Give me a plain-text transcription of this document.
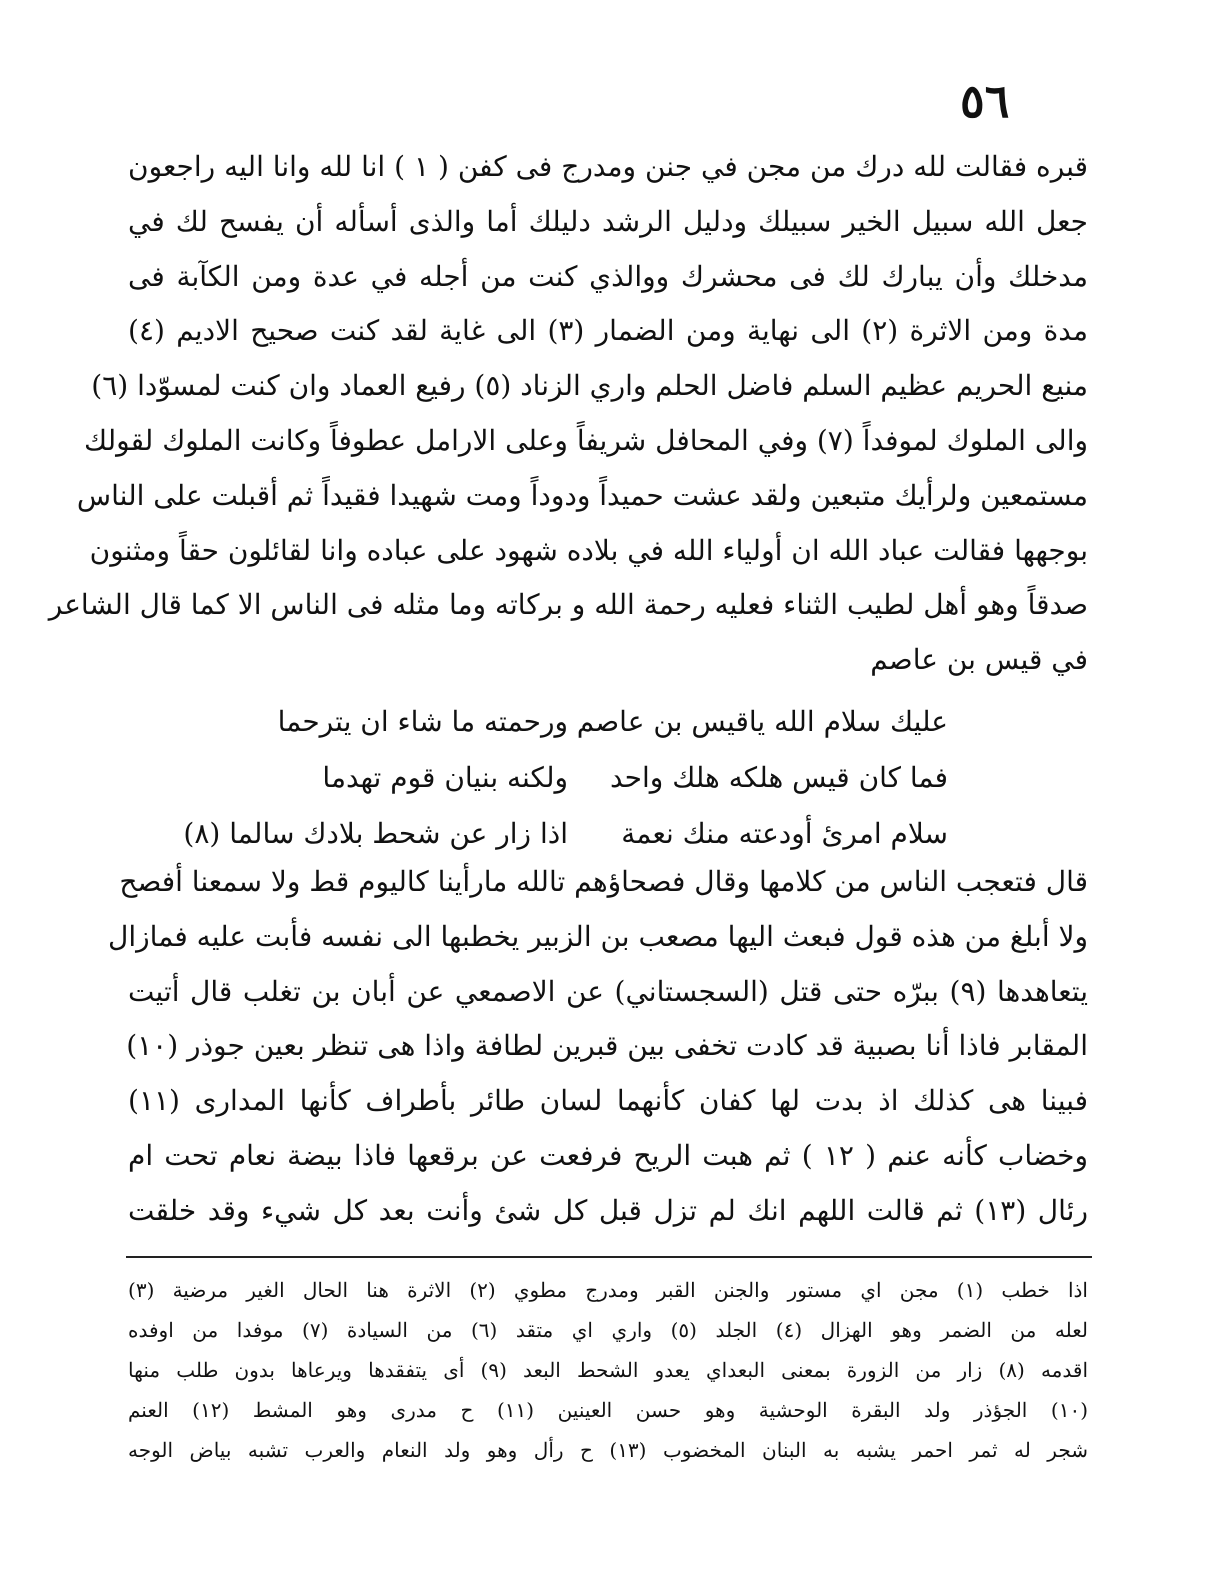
٥٦
قبره فقالت لله درك من مجن في جنن ومدرج فى كفن ( ١ ) انا لله وانا اليه راجعون
جعل الله سبيل الخير سبيلك ودليل الرشد دليلك أما والذى أسأله أن يفسح لك في
مدخلك وأن يبارك لك فى محشرك ووالذي كنت من أجله في عدة ومن الكآبة فى
مدة ومن الاثرة (٢) الى نهاية ومن الضمار (٣) الى غاية لقد كنت صحيح الاديم (٤)
منيع الحريم عظيم السلم فاضل الحلم واري الزناد (٥) رفيع العماد وان كنت لمسوّدا (٦)
والى الملوك لموفداً (٧) وفي المحافل شريفاً وعلى الارامل عطوفاً وكانت الملوك لقولك
مستمعين ولرأيك متبعين ولقد عشت حميداً ودوداً ومت شهيدا فقيداً ثم أقبلت على الناس
بوجهها فقالت عباد الله ان أولياء الله في بلاده شهود على عباده وانا لقائلون حقاً ومثنون
صدقاً وهو أهل لطيب الثناء فعليه رحمة الله و بركاته وما مثله فى الناس الا كما قال الشاعر
في قيس بن عاصم
عليك سلام الله ياقيس بن عاصم
ورحمته ما شاء ان يترحما
فما كان قيس هلكه هلك واحد
ولكنه بنيان قوم تهدما
سلام امرئ أودعته منك نعمة
اذا زار عن شحط بلادك سالما (٨)
قال فتعجب الناس من كلامها وقال فصحاؤهم تالله مارأينا كاليوم قط ولا سمعنا أفصح
ولا أبلغ من هذه قول فبعث اليها مصعب بن الزبير يخطبها الى نفسه فأبت عليه فمازال
يتعاهدها (٩) ببرّه حتى قتل (السجستاني) عن الاصمعي عن أبان بن تغلب قال أتيت
المقابر فاذا أنا بصبية قد كادت تخفى بين قبرين لطافة واذا هى تنظر بعين جوذر (١٠)
فبينا هى كذلك اذ بدت لها كفان كأنهما لسان طائر بأطراف كأنها المدارى (١١)
وخضاب كأنه عنم ( ١٢ ) ثم هبت الريح فرفعت عن برقعها فاذا بيضة نعام تحت ام
رئال (١٣) ثم قالت اللهم انك لم تزل قبل كل شئ وأنت بعد كل شيء وقد خلقت
اذا خطب (١) مجن اي مستور والجنن القبر ومدرج مطوي (٢) الاثرة هنا الحال الغير مرضية (٣)
لعله من الضمر وهو الهزال (٤) الجلد (٥) واري اي متقد (٦) من السيادة (٧) موفدا من اوفده
اقدمه (٨) زار من الزورة بمعنى البعداي يعدو الشحط البعد (٩) أى يتفقدها ويرعاها بدون طلب منها
(١٠) الجؤذر ولد البقرة الوحشية وهو حسن العينين (١١) ح مدرى وهو المشط (١٢) العنم
شجر له ثمر احمر يشبه به البنان المخضوب (١٣) ح رأل وهو ولد النعام والعرب تشبه بياض الوجه
